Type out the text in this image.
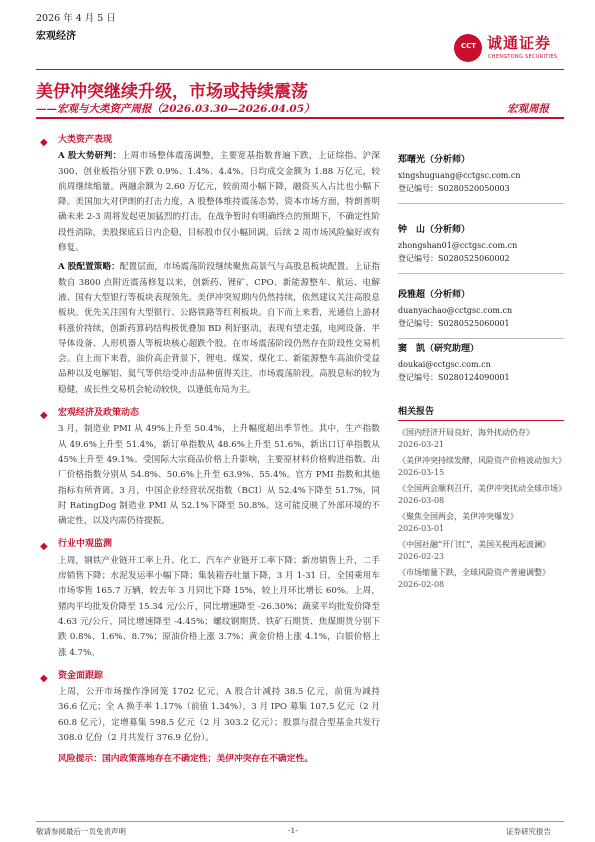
2026 年 4 月 5 日
宏观经济
CCT 诚通证券
CHENGTONG SECURITIES
美伊冲突继续升级，市场或持续震荡
——宏观与大类资产周报（2026.03.30—2026.04.05）	宏观周报
◆ 大类资产表现

A 股大势研判：上周市场整体震荡调整，主要宽基指数普遍下跌，上证综指、沪深 300、创业板指分别下跌 0.9%、1.4%、4.4%。日均成交金额为 1.88 万亿元，较前周继续缩量。两融余额为 2.60 万亿元，较前周小幅下降，融资买入占比也小幅下降。美国加大对伊朗的打击力度，A 股整体维持震荡态势，资本市场方面，特朗普明确未来 2-3 周将发起更加猛烈的打击，在战争暂时有明确终点的预期下，不确定性阶段性消除，美股探底后日内企稳，目标股市仅小幅回调。后续 2 周市场风险偏好或有修复。

A 股配置策略：配置层面，市场震荡阶段继续聚焦高景气与高股息板块配置。上证指数自 3800 点附近震荡修复以来，创新药、锂矿、CPO、新能源整车、航运、电解液、国有大型银行等板块表现领先。美伊冲突短期内仍然持续，依然建议关注高股息板块。优先关注国有大型银行、公路铁路等红利板块。自下而上来看，光通信上游材料涨价持续，创新药算码结构极优叠加 BD 利好驱动，表现有望走强，电网设备、半导体设备、人形机器人等板块核心超跌个股。在市场震荡阶段仍然存在阶段性交易机会。自上而下来看，油价高企背景下，锂电、煤炭、煤化工、新能源整车高油价受益品种以及电解铝、氦气等供给受冲击品种值得关注，市场震荡阶段，高股息标的较为稳健，成长性交易机会轮动较快，以逢低布局为主。

◆ 宏观经济及政策动态

3 月，制造业 PMI 从 49%上升至 50.4%，上升幅度超出季节性。其中，生产指数从 49.6%上升至 51.4%，新订单指数从 48.6%上升至 51.6%，新出口订单指数从 45%上升至 49.1%。受国际大宗商品价格上升影响，主要原材料价格购进指数、出厂价格指数分别从 54.8%、50.6%上升至 63.9%、55.4%。官方 PMI 指数和其他指标有所背离。3 月，中国企业经营状况指数（BCI）从 52.4%下降至 51.7%，同时 RatingDog 制造业 PMI 从 52.1%下降至 50.8%。这可能反映了外部环境的不确定性，以及内需仍待提振。

◆ 行业中观监测

上周，钢铁产业链开工率上升、化工、汽车产业链开工率下降；新房销售上升，二手房销售下降；水泥发运率小幅下降；集装箱吞吐量下降，3 月 1-31 日，全国乘用车市场零售 165.7 万辆，较去年 3 月同比下降 15%，较上月环比增长 60%。上周，猪肉平均批发价降至 15.34 元/公斤，同比增速降至 -26.30%；蔬菜平均批发价降至 4.63 元/公斤，同比增速降至 -4.45%；螺纹钢期货、铁矿石期货、焦煤期货分别下跌 0.8%、1.6%、8.7%；原油价格上涨 3.7%；黄金价格上涨 4.1%，白银价格上涨 4.7%。

◆ 资金面跟踪

上周，公开市场操作净回笼 1702 亿元，A 股合计减持 38.5 亿元，前值为减持 36.6 亿元；全 A 换手率 1.17%（前值 1.34%），3 月 IPO 募集 107.5 亿元（2 月 60.8 亿元），定增募集 598.5 亿元（2 月 303.2 亿元）；股票与混合型基金共发行 308.0 亿份（2 月共发行 376.9 亿份）。

风险提示：国内政策落地存在不确定性；美伊冲突存在不确定性。
郑曙光（分析师）
xingshuguang@cctgsc.com.cn
登记编号：S0280520050003
钟　山（分析师）
zhongshan01@cctgsc.com.cn
登记编号：S0280525060002
段雅超（分析师）
duanyachao@cctgsc.com.cn
登记编号：S0280525060001
窦　凯（研究助理）
doukai@cctgsc.com.cn
登记编号：S0280124090001
相关报告
《国内经济开局良好，海外扰动仍存》
2026-03-21
《美伊冲突持续发酵，风险资产价格波动加大》
2026-03-15
《全国两会顺利召开，美伊冲突扰动全球市场》
2026-03-08
《聚焦全国两会，美伊冲突爆发》
2026-03-01
《中国社融“开门红”，美国关税再起波澜》
2026-02-23
《市场缩量下跌，全球风险资产普遍调整》
2026-02-08
敬请参阅最后一页免责声明	-1-	证券研究报告
